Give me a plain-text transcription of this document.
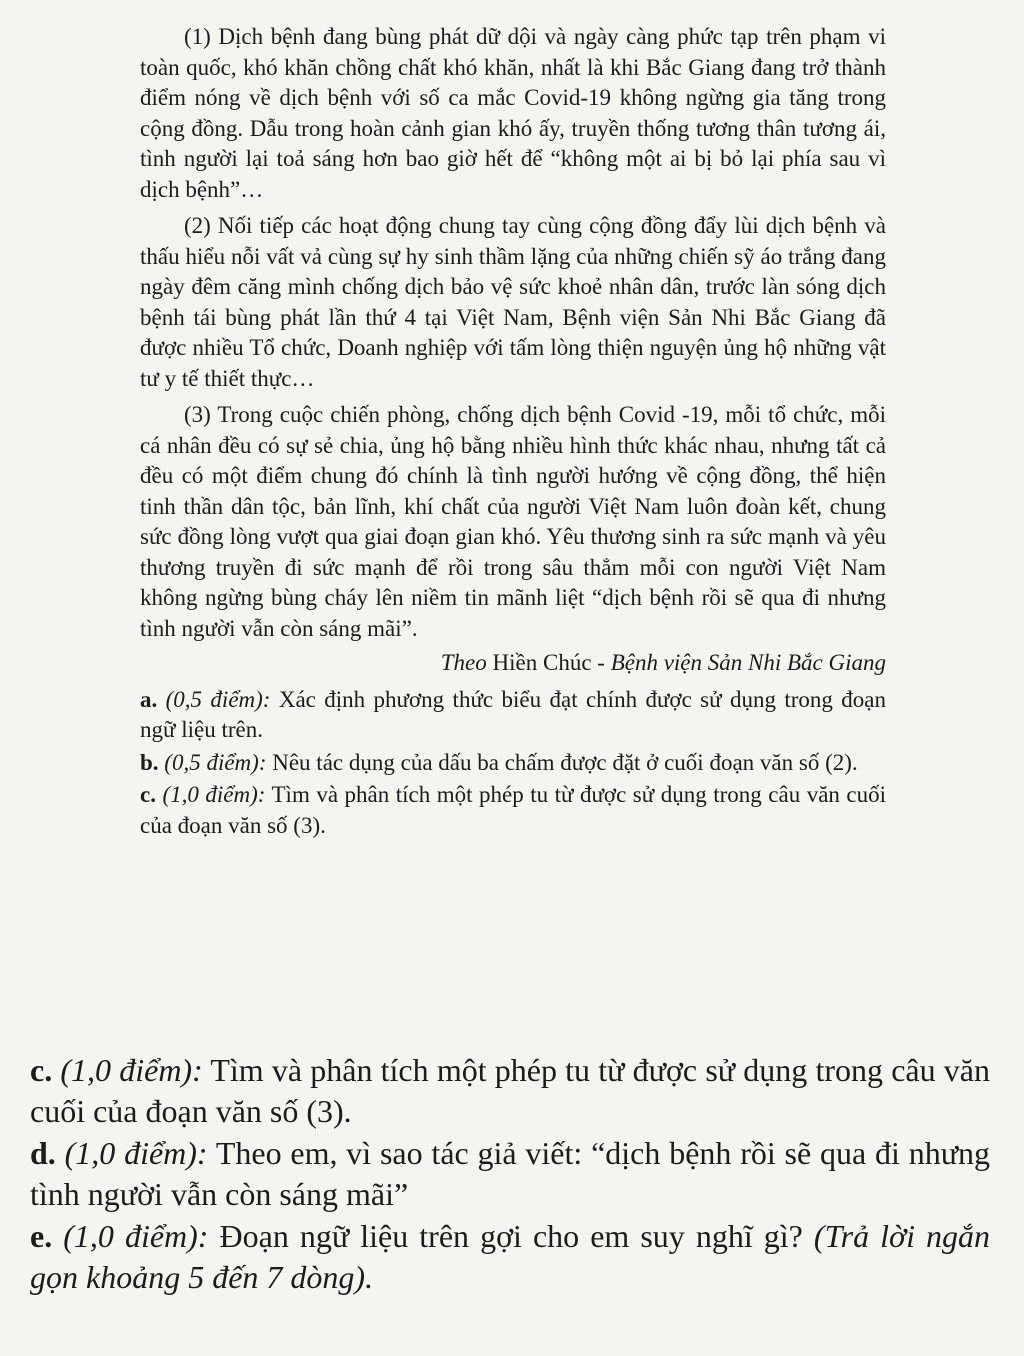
(1) Dịch bệnh đang bùng phát dữ dội và ngày càng phức tạp trên phạm vi toàn quốc, khó khăn chồng chất khó khăn, nhất là khi Bắc Giang đang trở thành điểm nóng về dịch bệnh với số ca mắc Covid-19 không ngừng gia tăng trong cộng đồng. Dẫu trong hoàn cảnh gian khó ấy, truyền thống tương thân tương ái, tình người lại toả sáng hơn bao giờ hết để “không một ai bị bỏ lại phía sau vì dịch bệnh”…

(2) Nối tiếp các hoạt động chung tay cùng cộng đồng đẩy lùi dịch bệnh và thấu hiểu nỗi vất vả cùng sự hy sinh thầm lặng của những chiến sỹ áo trắng đang ngày đêm căng mình chống dịch bảo vệ sức khoẻ nhân dân, trước làn sóng dịch bệnh tái bùng phát lần thứ 4 tại Việt Nam, Bệnh viện Sản Nhi Bắc Giang đã được nhiều Tổ chức, Doanh nghiệp với tấm lòng thiện nguyện ủng hộ những vật tư y tế thiết thực…

(3) Trong cuộc chiến phòng, chống dịch bệnh Covid -19, mỗi tổ chức, mỗi cá nhân đều có sự sẻ chia, ủng hộ bằng nhiều hình thức khác nhau, nhưng tất cả đều có một điểm chung đó chính là tình người hướng về cộng đồng, thể hiện tinh thần dân tộc, bản lĩnh, khí chất của người Việt Nam luôn đoàn kết, chung sức đồng lòng vượt qua giai đoạn gian khó. Yêu thương sinh ra sức mạnh và yêu thương truyền đi sức mạnh để rồi trong sâu thẳm mỗi con người Việt Nam không ngừng bùng cháy lên niềm tin mãnh liệt “dịch bệnh rồi sẽ qua đi nhưng tình người vẫn còn sáng mãi”.

Theo Hiền Chúc - Bệnh viện Sản Nhi Bắc Giang
a. (0,5 điểm): Xác định phương thức biểu đạt chính được sử dụng trong đoạn ngữ liệu trên.
b. (0,5 điểm): Nêu tác dụng của dấu ba chấm được đặt ở cuối đoạn văn số (2).
c. (1,0 điểm): Tìm và phân tích một phép tu từ được sử dụng trong câu văn cuối của đoạn văn số (3).
c. (1,0 điểm): Tìm và phân tích một phép tu từ được sử dụng trong câu văn cuối của đoạn văn số (3).
d. (1,0 điểm): Theo em, vì sao tác giả viết: “dịch bệnh rồi sẽ qua đi nhưng tình người vẫn còn sáng mãi”
e. (1,0 điểm): Đoạn ngữ liệu trên gợi cho em suy nghĩ gì? (Trả lời ngắn gọn khoảng 5 đến 7 dòng).
